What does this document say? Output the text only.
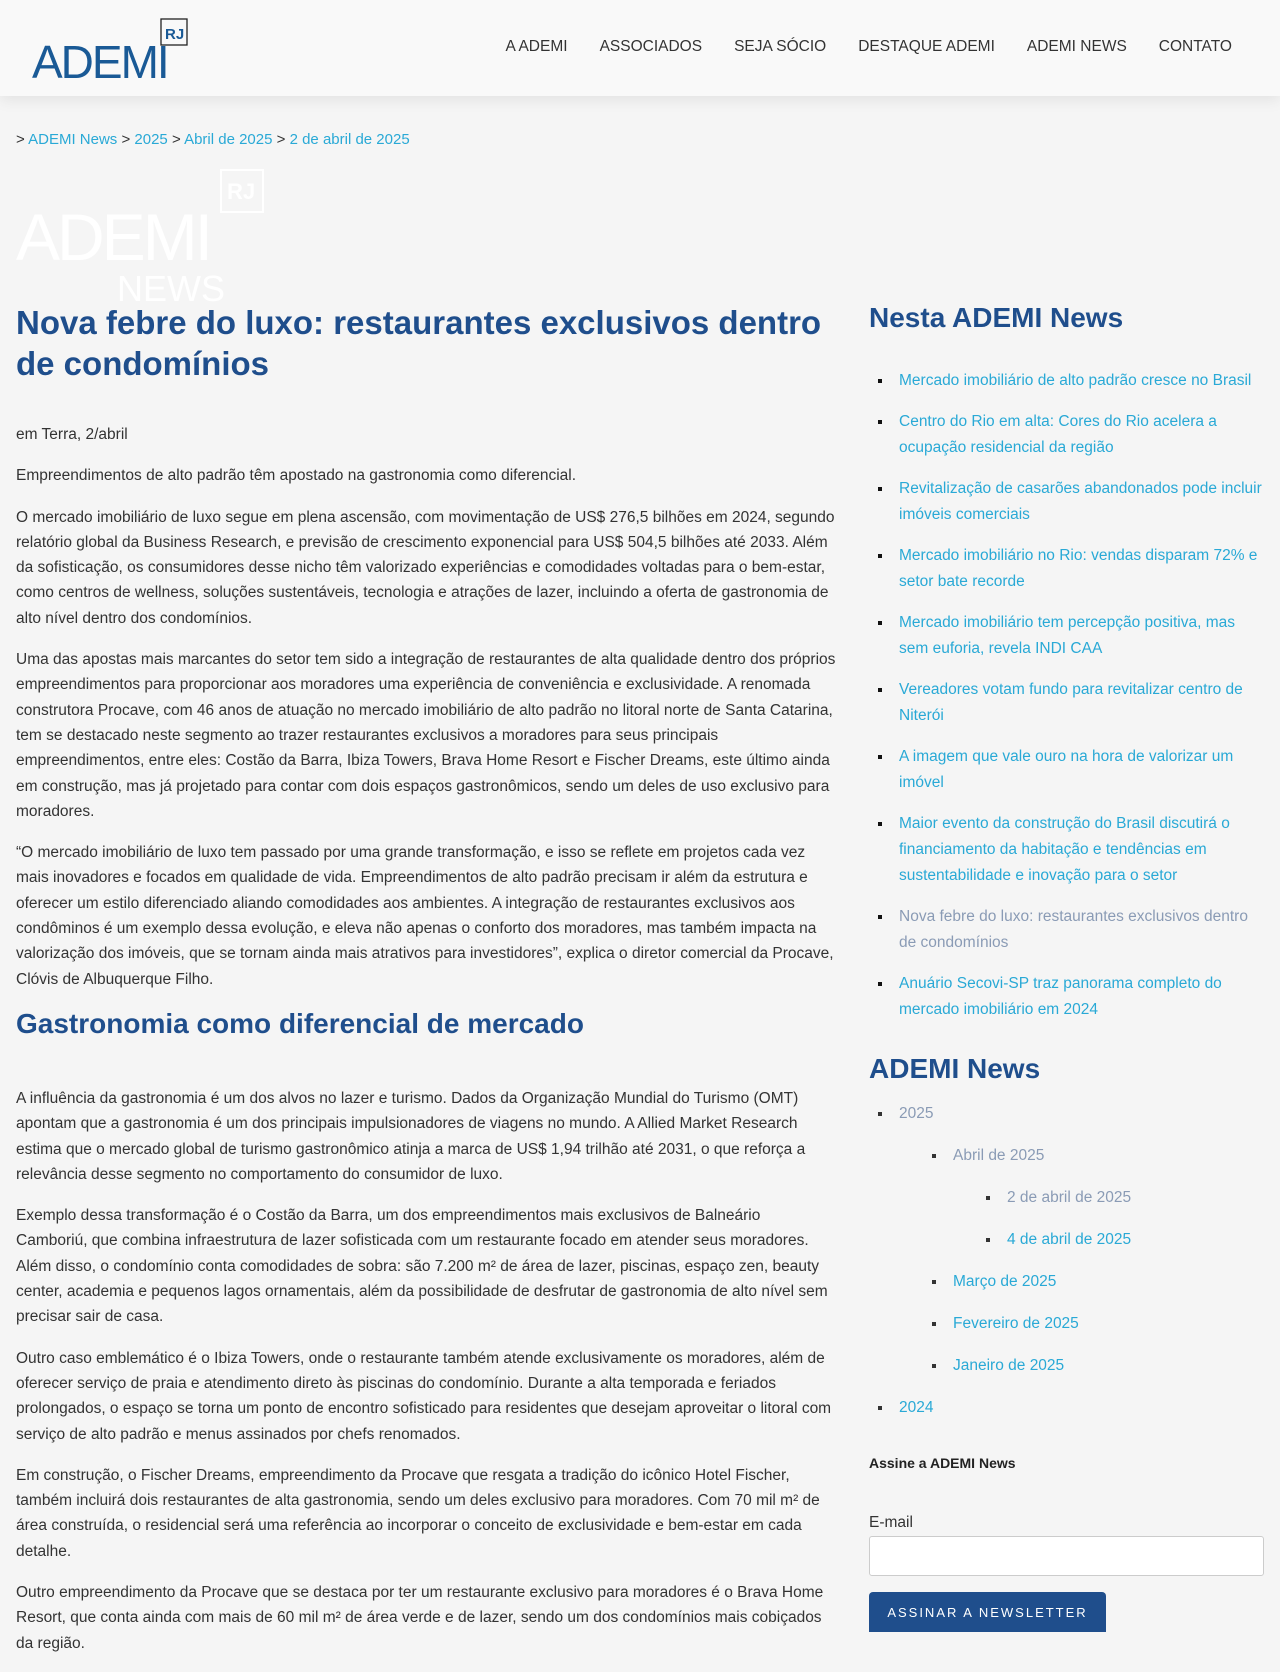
ADEMI
RJ
A ADEMI ASSOCIADOS SEJA SÓCIO DESTAQUE ADEMI ADEMI NEWS CONTATO
> ADEMI News > 2025 > Abril de 2025 > 2 de abril de 2025
ADEMI
RJ
NEWS
Nova febre do luxo: restaurantes exclusivos dentro de condomínios

em Terra, 2/abril

Empreendimentos de alto padrão têm apostado na gastronomia como diferencial.

O mercado imobiliário de luxo segue em plena ascensão, com movimentação de US$ 276,5 bilhões em 2024, segundo relatório global da Business Research, e previsão de crescimento exponencial para US$ 504,5 bilhões até 2033. Além da sofisticação, os consumidores desse nicho têm valorizado experiências e comodidades voltadas para o bem-estar, como centros de wellness, soluções sustentáveis, tecnologia e atrações de lazer, incluindo a oferta de gastronomia de alto nível dentro dos condomínios.

Uma das apostas mais marcantes do setor tem sido a integração de restaurantes de alta qualidade dentro dos próprios empreendimentos para proporcionar aos moradores uma experiência de conveniência e exclusividade. A renomada construtora Procave, com 46 anos de atuação no mercado imobiliário de alto padrão no litoral norte de Santa Catarina, tem se destacado neste segmento ao trazer restaurantes exclusivos a moradores para seus principais empreendimentos, entre eles: Costão da Barra, Ibiza Towers, Brava Home Resort e Fischer Dreams, este último ainda em construção, mas já projetado para contar com dois espaços gastronômicos, sendo um deles de uso exclusivo para moradores.

“O mercado imobiliário de luxo tem passado por uma grande transformação, e isso se reflete em projetos cada vez mais inovadores e focados em qualidade de vida. Empreendimentos de alto padrão precisam ir além da estrutura e oferecer um estilo diferenciado aliando comodidades aos ambientes. A integração de restaurantes exclusivos aos condôminos é um exemplo dessa evolução, e eleva não apenas o conforto dos moradores, mas também impacta na valorização dos imóveis, que se tornam ainda mais atrativos para investidores”, explica o diretor comercial da Procave, Clóvis de Albuquerque Filho.

Gastronomia como diferencial de mercado

A influência da gastronomia é um dos alvos no lazer e turismo. Dados da Organização Mundial do Turismo (OMT) apontam que a gastronomia é um dos principais impulsionadores de viagens no mundo. A Allied Market Research estima que o mercado global de turismo gastronômico atinja a marca de US$ 1,94 trilhão até 2031, o que reforça a relevância desse segmento no comportamento do consumidor de luxo.

Exemplo dessa transformação é o Costão da Barra, um dos empreendimentos mais exclusivos de Balneário Camboriú, que combina infraestrutura de lazer sofisticada com um restaurante focado em atender seus moradores. Além disso, o condomínio conta comodidades de sobra: são 7.200 m² de área de lazer, piscinas, espaço zen, beauty center, academia e pequenos lagos ornamentais, além da possibilidade de desfrutar de gastronomia de alto nível sem precisar sair de casa.

Outro caso emblemático é o Ibiza Towers, onde o restaurante também atende exclusivamente os moradores, além de oferecer serviço de praia e atendimento direto às piscinas do condomínio. Durante a alta temporada e feriados prolongados, o espaço se torna um ponto de encontro sofisticado para residentes que desejam aproveitar o litoral com serviço de alto padrão e menus assinados por chefs renomados.

Em construção, o Fischer Dreams, empreendimento da Procave que resgata a tradição do icônico Hotel Fischer, também incluirá dois restaurantes de alta gastronomia, sendo um deles exclusivo para moradores. Com 70 mil m² de área construída, o residencial será uma referência ao incorporar o conceito de exclusividade e bem-estar em cada detalhe.

Outro empreendimento da Procave que se destaca por ter um restaurante exclusivo para moradores é o Brava Home Resort, que conta ainda com mais de 60 mil m² de área verde e de lazer, sendo um dos condomínios mais cobiçados da região.

Nesta ADEMI News
▪ Mercado imobiliário de alto padrão cresce no Brasil
▪ Centro do Rio em alta: Cores do Rio acelera a ocupação residencial da região
▪ Revitalização de casarões abandonados pode incluir imóveis comerciais
▪ Mercado imobiliário no Rio: vendas disparam 72% e setor bate recorde
▪ Mercado imobiliário tem percepção positiva, mas sem euforia, revela INDI CAA
▪ Vereadores votam fundo para revitalizar centro de Niterói
▪ A imagem que vale ouro na hora de valorizar um imóvel
▪ Maior evento da construção do Brasil discutirá o financiamento da habitação e tendências em sustentabilidade e inovação para o setor
▪ Nova febre do luxo: restaurantes exclusivos dentro de condomínios
▪ Anuário Secovi-SP traz panorama completo do mercado imobiliário em 2024
ADEMI News
▪ 2025
▪ Abril de 2025
▪ 2 de abril de 2025
▪ 4 de abril de 2025
▪ Março de 2025
▪ Fevereiro de 2025
▪ Janeiro de 2025
▪ 2024
Assine a ADEMI News
E-mail
ASSINAR A NEWSLETTER
